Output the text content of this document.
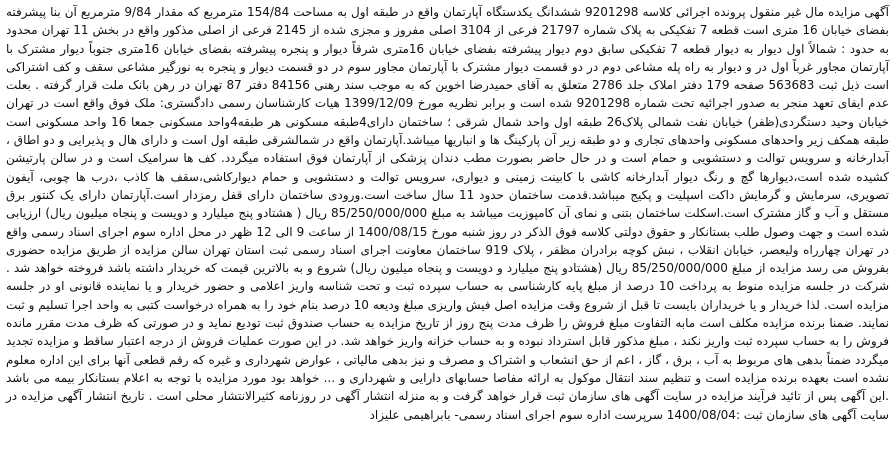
آگهی مزایده مال غیر منقول پرونده اجرائی کلاسه 9201298 ششدانگ یکدستگاه آپارتمان واقع در طبقه اول به مساحت 154/84 مترمربع که مقدار 9/84 مترمربع آن بنا پیشرفته بفضای خیابان 16 متری است قطعه 7 تفکیکی به پلاک شماره 21797 فرعی از 3104 اصلی مفروز و مجزی شده از 2145 فرعی از اصلی مذکور واقع در بخش 11 تهران محدود به حدود : شمالاً اول دیوار به دیوار قطعه 7 تفکیکی سابق دوم دیوار پیشرفته بفضای خیابان 16متری شرقاً دیوار و پنجره پیشرفته بفضای خیابان 16متری جنوباً دیوار مشترک با آپارتمان مجاور غرباً اول در و دیوار به راه پله مشاعی دوم در دو قسمت دیوار مشترک با آپارتمان مجاور سوم در دو قسمت دیوار و پنجره به نورگیر مشاعی سقف و کف اشتراکی است ذیل ثبت 563683 صفحه 179 دفتر املاک جلد 2786 متعلق به آقای حمیدرضا اخوین که به موجب سند رهنی 84156 دفتر 87 تهران در رهن بانک ملت قرار گرفته . بعلت عدم ایفای تعهد منجر به صدور اجرائیه تحت شماره 9201298 شده است و برابر نظریه مورخ 1399/12/09 هیات کارشناسان رسمی دادگستری: ملک فوق واقع است در تهران خیابان وحید دستگردی(ظفر) خیابان نفت شمالی پلاک26 طبقه اول واحد شمال شرقی ؛ ساختمان دارای4طبقه مسکونی هر طبقه4واحد مسکونی جمعا 16 واحد مسکونی است طبقه همکف زیر واحدهای مسکونی واحدهای تجاری و دو طبقه زیر آن پارکینگ ها و انباریها میباشد.آپارتمان واقع در شمالشرقی طبقه اول است و دارای هال و پذیرایی و دو اطاق ، آبدارخانه و سرویس توالت و دستشویی و حمام است و در حال حاضر بصورت مطب دندان پزشکی از آپارتمان فوق استفاده میگردد. کف ها سرامیک است و در سالن پارتیشن کشیده شده است،دیوارها گچ و رنگ دیوار آبدارخانه کاشی با کابینت زمینی و دیواری، سرویس توالت و دستشویی و حمام دیوارکاشی،سقف ها کاذب ،درب ها چوبی، آیفون تصویری، سرمایش و گرمایش داکت اسپلیت و پکیج میباشد.قدمت ساختمان حدود 11 سال ساخت است.ورودی ساختمان دارای قفل رمزدار است.آپارتمان دارای یک کنتور برق مستقل و آب و گاز مشترک است.اسکلت ساختمان بتنی و نمای آن کامپوزیت میباشد به مبلغ 85/250/000/000 ریال ( هشتادو پنج میلیارد و دویست و پنجاه میلیون ریال) ارزیابی شده است و جهت وصول طلب بستانکار و حقوق دولتی کلاسه فوق الذکر در روز شنبه مورخ 1400/08/15 از ساعت 9 الی 12 ظهر در محل اداره سوم اجرای اسناد رسمی واقع در تهران چهارراه ولیعصر، خیابان انقلاب ، نبش کوچه برادران مظفر ، پلاک 919 ساختمان معاونت اجرای اسناد رسمی ثبت استان تهران سالن مزایده از طریق مزایده حضوری بفروش می رسد مزایده از مبلغ 85/250/000/000 ریال (هشتادو پنج میلیارد و دویست و پنجاه میلیون ریال) شروع و به بالاترین قیمت که خریدار داشته باشد فروخته خواهد شد . شرکت در جلسه مزایده منوط به پرداخت 10 درصد از مبلغ پایه کارشناسی به حساب سپرده ثبت و تحت شناسه واریز اعلامی و حضور خریدار و یا نماینده قانونی او در جلسه مزایده است. لذا خریدار و یا خریداران بایست تا قبل از شروع وقت مزایده اصل فیش واریزی مبلغ ودیعه 10 درصد بنام خود را به همراه درخواست کتبی به واحد اجرا تسلیم و ثبت نمایند. ضمنا برنده مزایده مکلف است مابه التفاوت مبلغ فروش را ظرف مدت پنج روز از تاریخ مزایده به حساب صندوق ثبت تودیع نماید و در صورتی که ظرف مدت مقرر مانده فروش را به حساب سپرده ثبت واریز نکند ، مبلغ مذکور قابل استرداد نبوده و به حساب خزانه واریز خواهد شد. در این صورت عملیات فروش از درجه اعتبار ساقط و مزایده تجدید میگردد ضمناً بدهی های مربوط به آب ، برق ، گاز ، اعم از حق انشعاب و اشتراک و مصرف و نیز بدهی مالیاتی ، عوارض شهرداری و غیره که رقم قطعی آنها برای این اداره معلوم نشده است بعهده برنده مزایده است و تنظیم سند انتقال موکول به ارائه مفاصا حسابهای دارایی و شهرداری و ... خواهد بود مورد مزایده با توجه به اعلام بستانکار بیمه می باشد .این آگهی پس از تائید فرآیند مزایده در سایت آگهی های سازمان ثبت قرار خواهد گرفت و به منزله انتشار آگهی در روزنامه کثیرالانتشار محلی است . تاریخ انتشار آگهی مزایده در سایت آگهی های سازمان ثبت :1400/08/04 سرپرست اداره سوم اجرای اسناد رسمی- بابراهیمی علیزاد
